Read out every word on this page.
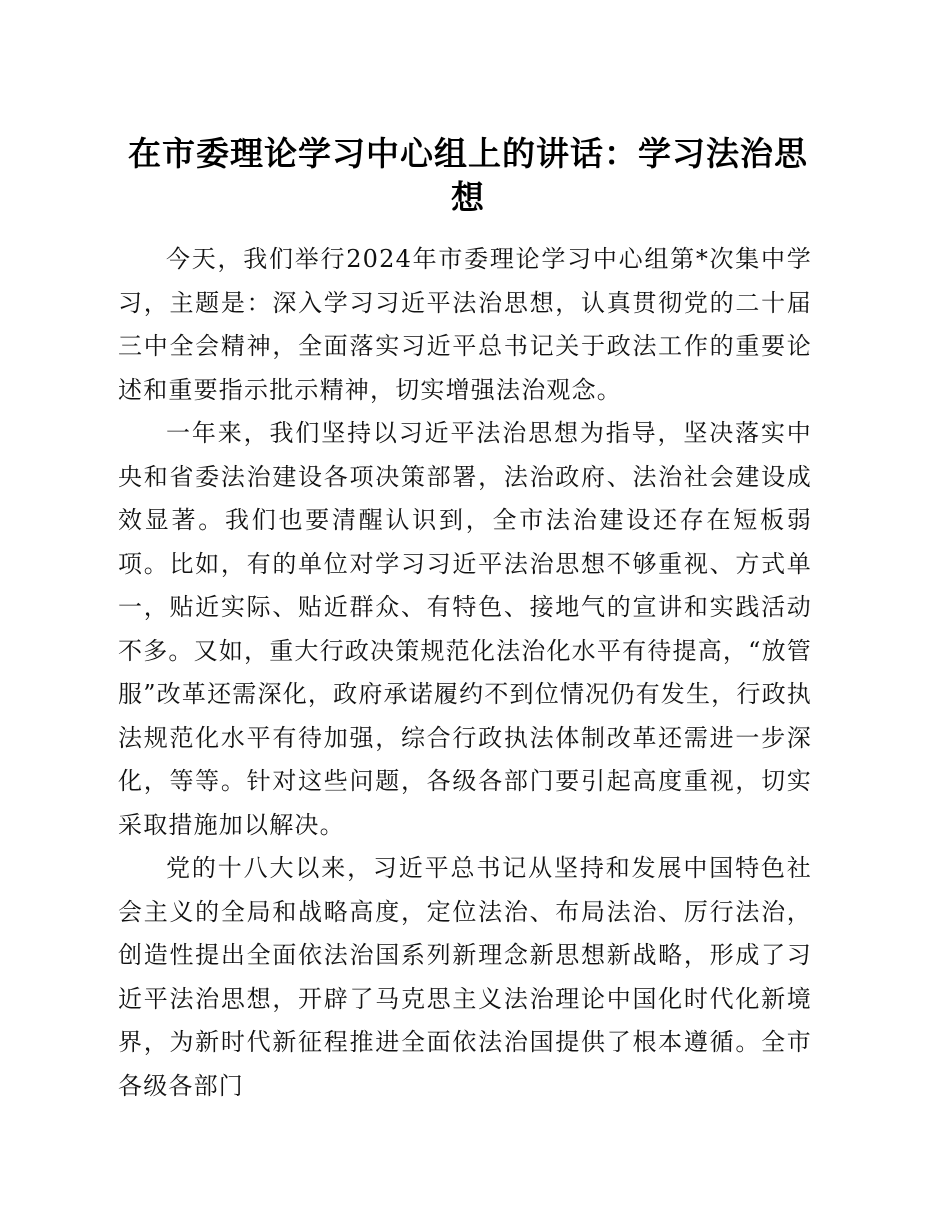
在市委理论学习中心组上的讲话：学习法治思想

今天，我们举行2024年市委理论学习中心组第*次集中学习，主题是：深入学习习近平法治思想，认真贯彻党的二十届三中全会精神，全面落实习近平总书记关于政法工作的重要论述和重要指示批示精神，切实增强法治观念。

一年来，我们坚持以习近平法治思想为指导，坚决落实中央和省委法治建设各项决策部署，法治政府、法治社会建设成效显著。我们也要清醒认识到，全市法治建设还存在短板弱项。比如，有的单位对学习习近平法治思想不够重视、方式单一，贴近实际、贴近群众、有特色、接地气的宣讲和实践活动不多。又如，重大行政决策规范化法治化水平有待提高，“放管服”改革还需深化，政府承诺履约不到位情况仍有发生，行政执法规范化水平有待加强，综合行政执法体制改革还需进一步深化，等等。针对这些问题，各级各部门要引起高度重视，切实采取措施加以解决。

党的十八大以来，习近平总书记从坚持和发展中国特色社会主义的全局和战略高度，定位法治、布局法治、厉行法治，创造性提出全面依法治国系列新理念新思想新战略，形成了习近平法治思想，开辟了马克思主义法治理论中国化时代化新境界，为新时代新征程推进全面依法治国提供了根本遵循。全市各级各部门
